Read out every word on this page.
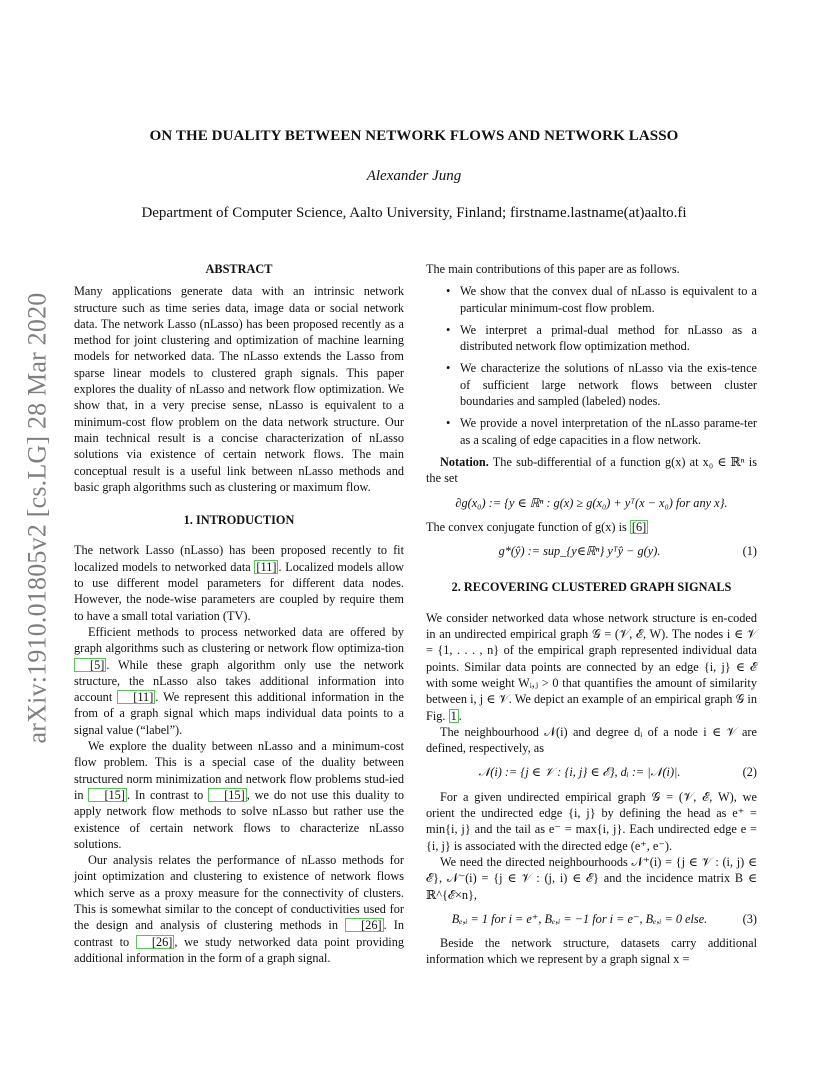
arXiv:1910.01805v2 [cs.LG] 28 Mar 2020
ON THE DUALITY BETWEEN NETWORK FLOWS AND NETWORK LASSO
Alexander Jung
Department of Computer Science, Aalto University, Finland; firstname.lastname(at)aalto.fi
ABSTRACT

Many applications generate data with an intrinsic network structure such as time series data, image data or social network data. The network Lasso (nLasso) has been proposed recently as a method for joint clustering and optimization of machine learning models for networked data. The nLasso extends the Lasso from sparse linear models to clustered graph signals. This paper explores the duality of nLasso and network flow optimization. We show that, in a very precise sense, nLasso is equivalent to a minimum-cost flow problem on the data network structure. Our main technical result is a concise characterization of nLasso solutions via existence of certain network flows. The main conceptual result is a useful link between nLasso methods and basic graph algorithms such as clustering or maximum flow.

1. INTRODUCTION

The network Lasso (nLasso) has been proposed recently to fit localized models to networked data [11] . Localized models allow to use different model parameters for different data nodes. However, the node-wise parameters are coupled by require them to have a small total variation (TV).

Efficient methods to process networked data are offered by graph algorithms such as clustering or network flow optimiza-tion [5] . While these graph algorithm only use the network structure, the nLasso also takes additional information into account [11] . We represent this additional information in the from of a graph signal which maps individual data points to a signal value (“label”).

We explore the duality between nLasso and a minimum-cost flow problem. This is a special case of the duality between structured norm minimization and network flow problems stud-ied in [15] . In contrast to [15] , we do not use this duality to apply network flow methods to solve nLasso but rather use the existence of certain network flows to characterize nLasso solutions.

Our analysis relates the performance of nLasso methods for joint optimization and clustering to existence of network flows which serve as a proxy measure for the connectivity of clusters. This is somewhat similar to the concept of conductivities used for the design and analysis of clustering methods in [26] . In contrast to [26] , we study networked data point providing additional information in the form of a graph signal.

The main contributions of this paper are as follows.

• We show that the convex dual of nLasso is equivalent to a particular minimum-cost flow problem.
• We interpret a primal-dual method for nLasso as a distributed network flow optimization method.
• We characterize the solutions of nLasso via the exis-tence of sufficient large network flows between cluster boundaries and sampled (labeled) nodes.
• We provide a novel interpretation of the nLasso parame-ter as a scaling of edge capacities in a flow network.

Notation. The sub-differential of a function g(x) at x₀ ∈ ℝⁿ is the set

∂g(x₀) := {y ∈ ℝⁿ : g(x) ≥ g(x₀) + yᵀ(x − x₀) for any x}.

The convex conjugate function of g(x) is [6]

g*(ŷ) := sup_{y∈ℝⁿ} yᵀŷ − g(y).	(1)
2. RECOVERING CLUSTERED GRAPH SIGNALS

We consider networked data whose network structure is en-coded in an undirected empirical graph 𝒢 = (𝒱, ℰ, W). The nodes i ∈ 𝒱 = {1, . . . , n} of the empirical graph represented individual data points. Similar data points are connected by an edge {i, j} ∈ ℰ with some weight Wᵢ,ⱼ > 0 that quantifies the amount of similarity between i, j ∈ 𝒱. We depict an example of an empirical graph 𝒢 in Fig. 1 .

The neighbourhood 𝒩(i) and degree dᵢ of a node i ∈ 𝒱 are defined, respectively, as

𝒩(i) := {j ∈ 𝒱 : {i, j} ∈ ℰ}, dᵢ := |𝒩(i)|.	(2)

For a given undirected empirical graph 𝒢 = (𝒱, ℰ, W), we orient the undirected edge {i, j} by defining the head as e⁺ = min{i, j} and the tail as e⁻ = max{i, j}. Each undirected edge e = {i, j} is associated with the directed edge (e⁺, e⁻).

We need the directed neighbourhoods 𝒩⁺(i) = {j ∈ 𝒱 : (i, j) ∈ ℰ}, 𝒩⁻(i) = {j ∈ 𝒱 : (j, i) ∈ ℰ} and the incidence matrix B ∈ ℝ^{ℰ×n},

Bₑ,ᵢ = 1 for i = e⁺, Bₑ,ᵢ = −1 for i = e⁻, Bₑ,ᵢ = 0 else.	(3)

Beside the network structure, datasets carry additional information which we represent by a graph signal x =
